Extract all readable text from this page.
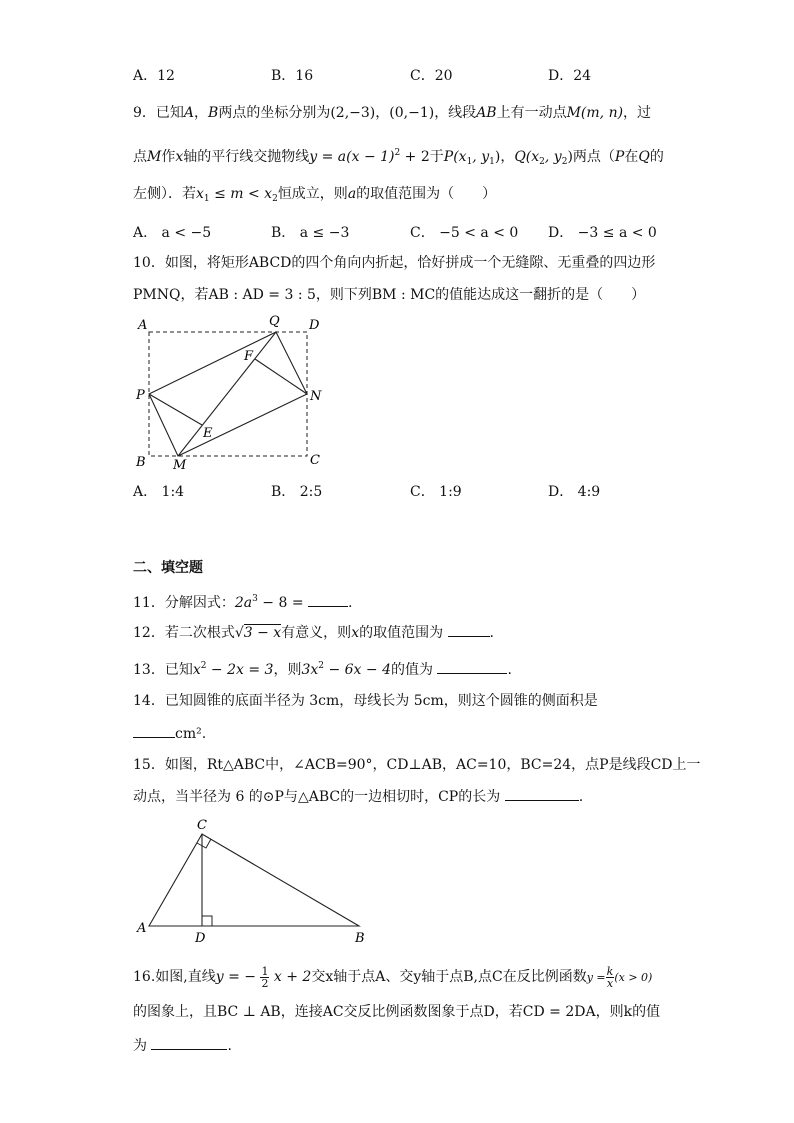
A．12	B．16	C．20	D．24
9．已知A，B两点的坐标分别为(2,−3)，(0,−1)，线段AB上有一动点M(m, n)，过
点M作x轴的平行线交抛物线$y = a(x - 1)^2 + 2$于$P(x_1$, $y_1$)，$Q(x_2$, $y_2$)两点（P在Q的
左侧）．若$x_1 \le m < x_2$恒成立，则a的取值范围为（　　）
A． a < −5	B． a ≤ −3	C． −5 < a < 0 D． −3 ≤ a < 0
10．如图，将矩形ABCD的四个角向内折起，恰好拼成一个无缝隙、无重叠的四边形
PMNQ，若AB : AD = 3 : 5，则下列BM : MC的值能达成这一翻折的是（　　）
A	Q D
F
P	N
E
B M	C
A． 1:4	B． 2:5	C． 1:9	D． 4:9
二、填空题
11．分解因式：$2a^3 - 8$ =	.
12．若二次根式√3 − x有意义，则x的取值范围为	.
13．已知$x^2 - 2x = 3$，则$3x^2 - 6x - 4$的值为	.
14．已知圆锥的底面半径为 3cm，母线长为 5cm，则这个圆锥的侧面积是
cm².
15．如图，Rt△ABC中，∠ACB=90°，CD⊥AB，AC=10，BC=24，点P是线段CD上一
动点，当半径为 6 的⊙P与△ABC的一边相切时，CP的长为	.
C
A
D	B
16.如图,直线y = − $\frac{1}{2}$ x + 2交x轴于点A、交y轴于点B,点C在反比例函数$y = \frac{k}{x} (x > 0)$
的图象上，且BC ⊥ AB，连接AC交反比例函数图象于点D，若CD = 2DA，则k的值
为	.
